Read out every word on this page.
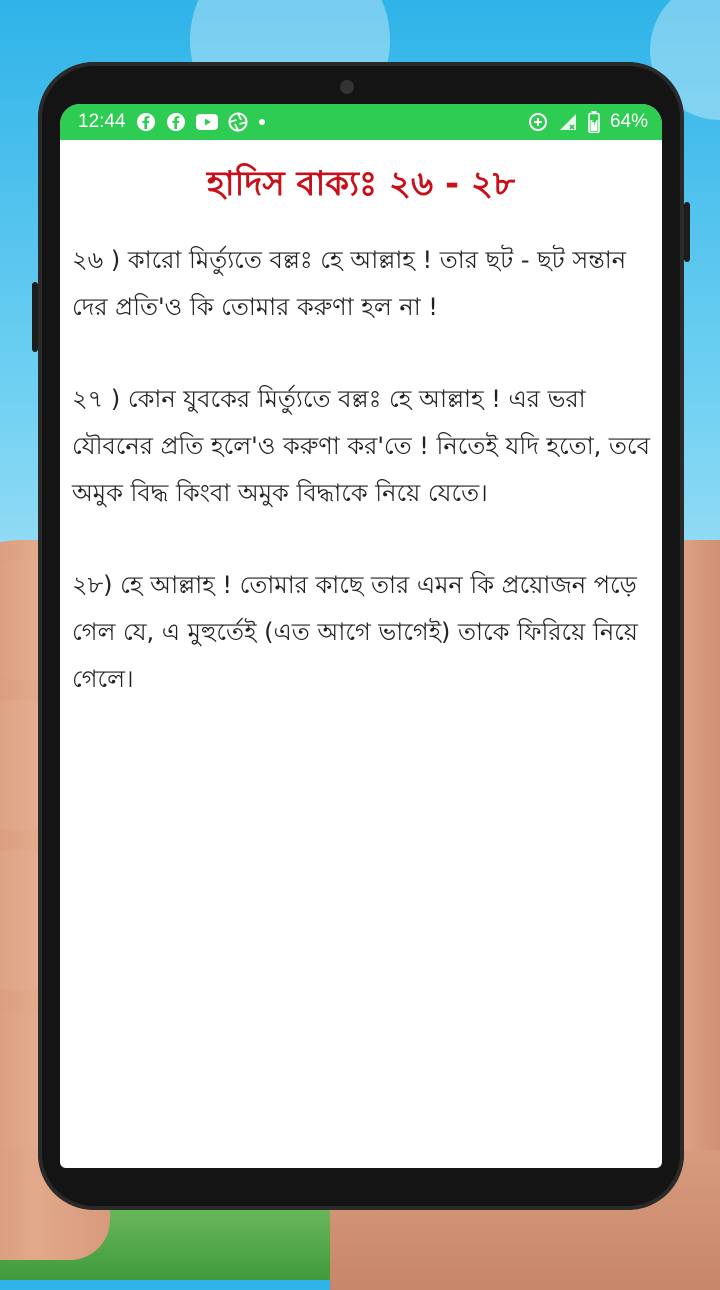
12:44	64%
হাদিস বাক্যঃ ২৬ - ২৮

২৬ ) কারো মির্ত্যুতে বল্লঃ হে আল্লাহ ! তার ছট - ছট সন্তান দের প্রতি'ও কি তোমার করুণা হল না !

২৭ ) কোন যুবকের মির্ত্যুতে বল্লঃ হে আল্লাহ ! এর ভরা যৌবনের প্রতি হলে'ও করুণা কর'তে ! নিতেই যদি হতো, তবে অমুক বিদ্ধ কিংবা অমুক বিদ্ধাকে নিয়ে যেতে।

২৮) হে আল্লাহ ! তোমার কাছে তার এমন কি প্রয়োজন পড়ে গেল যে, এ মুহুর্তেই (এত আগে ভাগেই) তাকে ফিরিয়ে নিয়ে গেলে।
